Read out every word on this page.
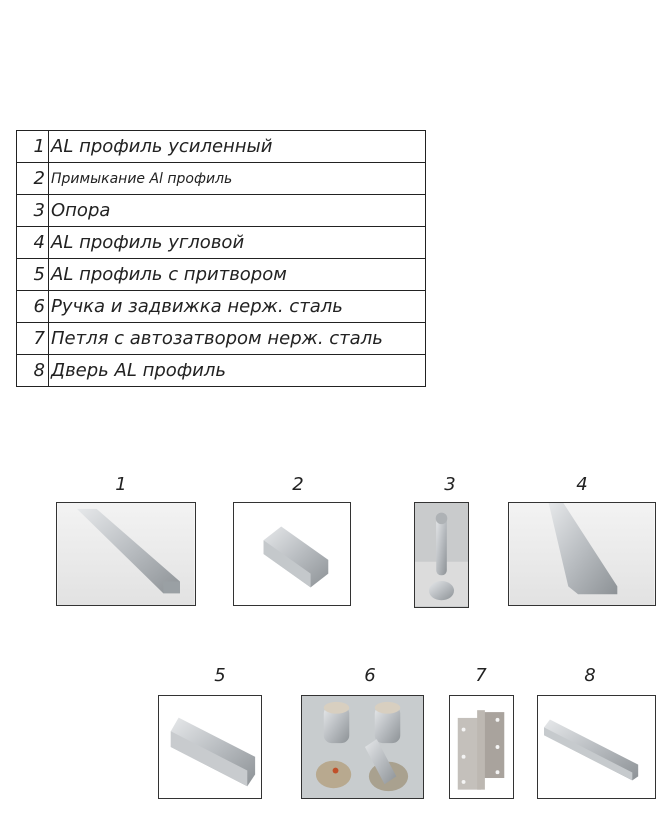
1	AL профиль усиленный
2	Примыкание Al профиль
3	Опора
4	AL профиль угловой
5	AL профиль с притвором
6	Ручка и задвижка нерж. сталь
7	Петля с автозатвором нерж. сталь
8	Дверь AL профиль
1	2	3	4
5	6	7	8
